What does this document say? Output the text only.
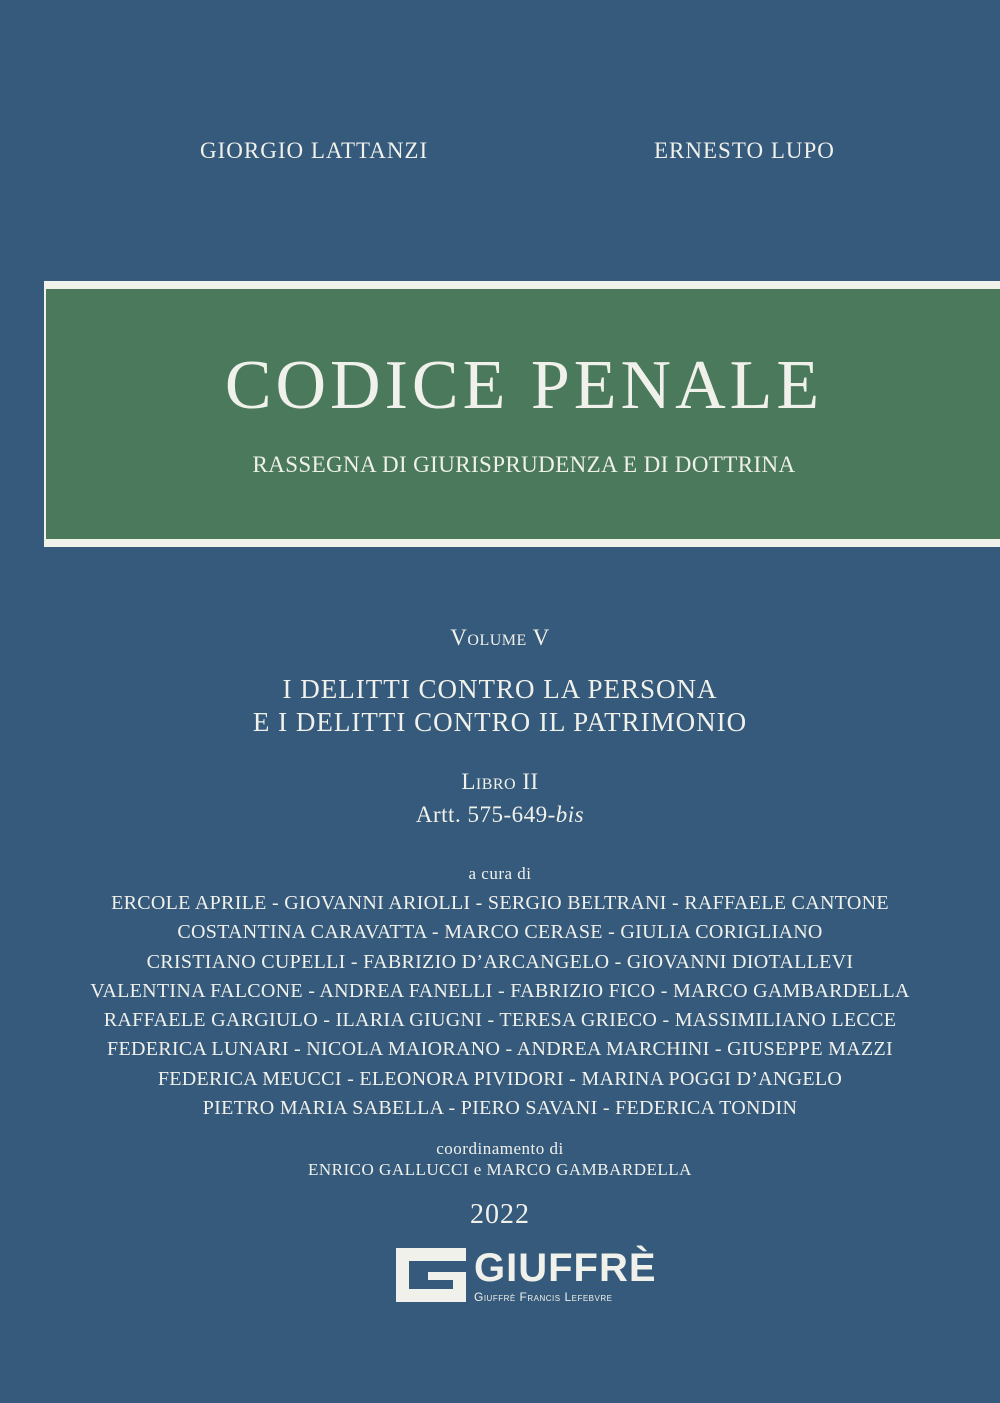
GIORGIO LATTANZI	ERNESTO LUPO
CODICE PENALE
RASSEGNA DI GIURISPRUDENZA E DI DOTTRINA
Volume V
I DELITTI CONTRO LA PERSONA
E I DELITTI CONTRO IL PATRIMONIO
Libro II
Artt. 575-649-bis
a cura di
ERCOLE APRILE - GIOVANNI ARIOLLI - SERGIO BELTRANI - RAFFAELE CANTONE
COSTANTINA CARAVATTA - MARCO CERASE - GIULIA CORIGLIANO
CRISTIANO CUPELLI - FABRIZIO D’ARCANGELO - GIOVANNI DIOTALLEVI
VALENTINA FALCONE - ANDREA FANELLI - FABRIZIO FICO - MARCO GAMBARDELLA
RAFFAELE GARGIULO - ILARIA GIUGNI - TERESA GRIECO - MASSIMILIANO LECCE
FEDERICA LUNARI - NICOLA MAIORANO - ANDREA MARCHINI - GIUSEPPE MAZZI
FEDERICA MEUCCI - ELEONORA PIVIDORI - MARINA POGGI D’ANGELO
PIETRO MARIA SABELLA - PIERO SAVANI - FEDERICA TONDIN
coordinamento di
ENRICO GALLUCCI e MARCO GAMBARDELLA
2022
GIUFFRÈ
Giuffrè Francis Lefebvre
